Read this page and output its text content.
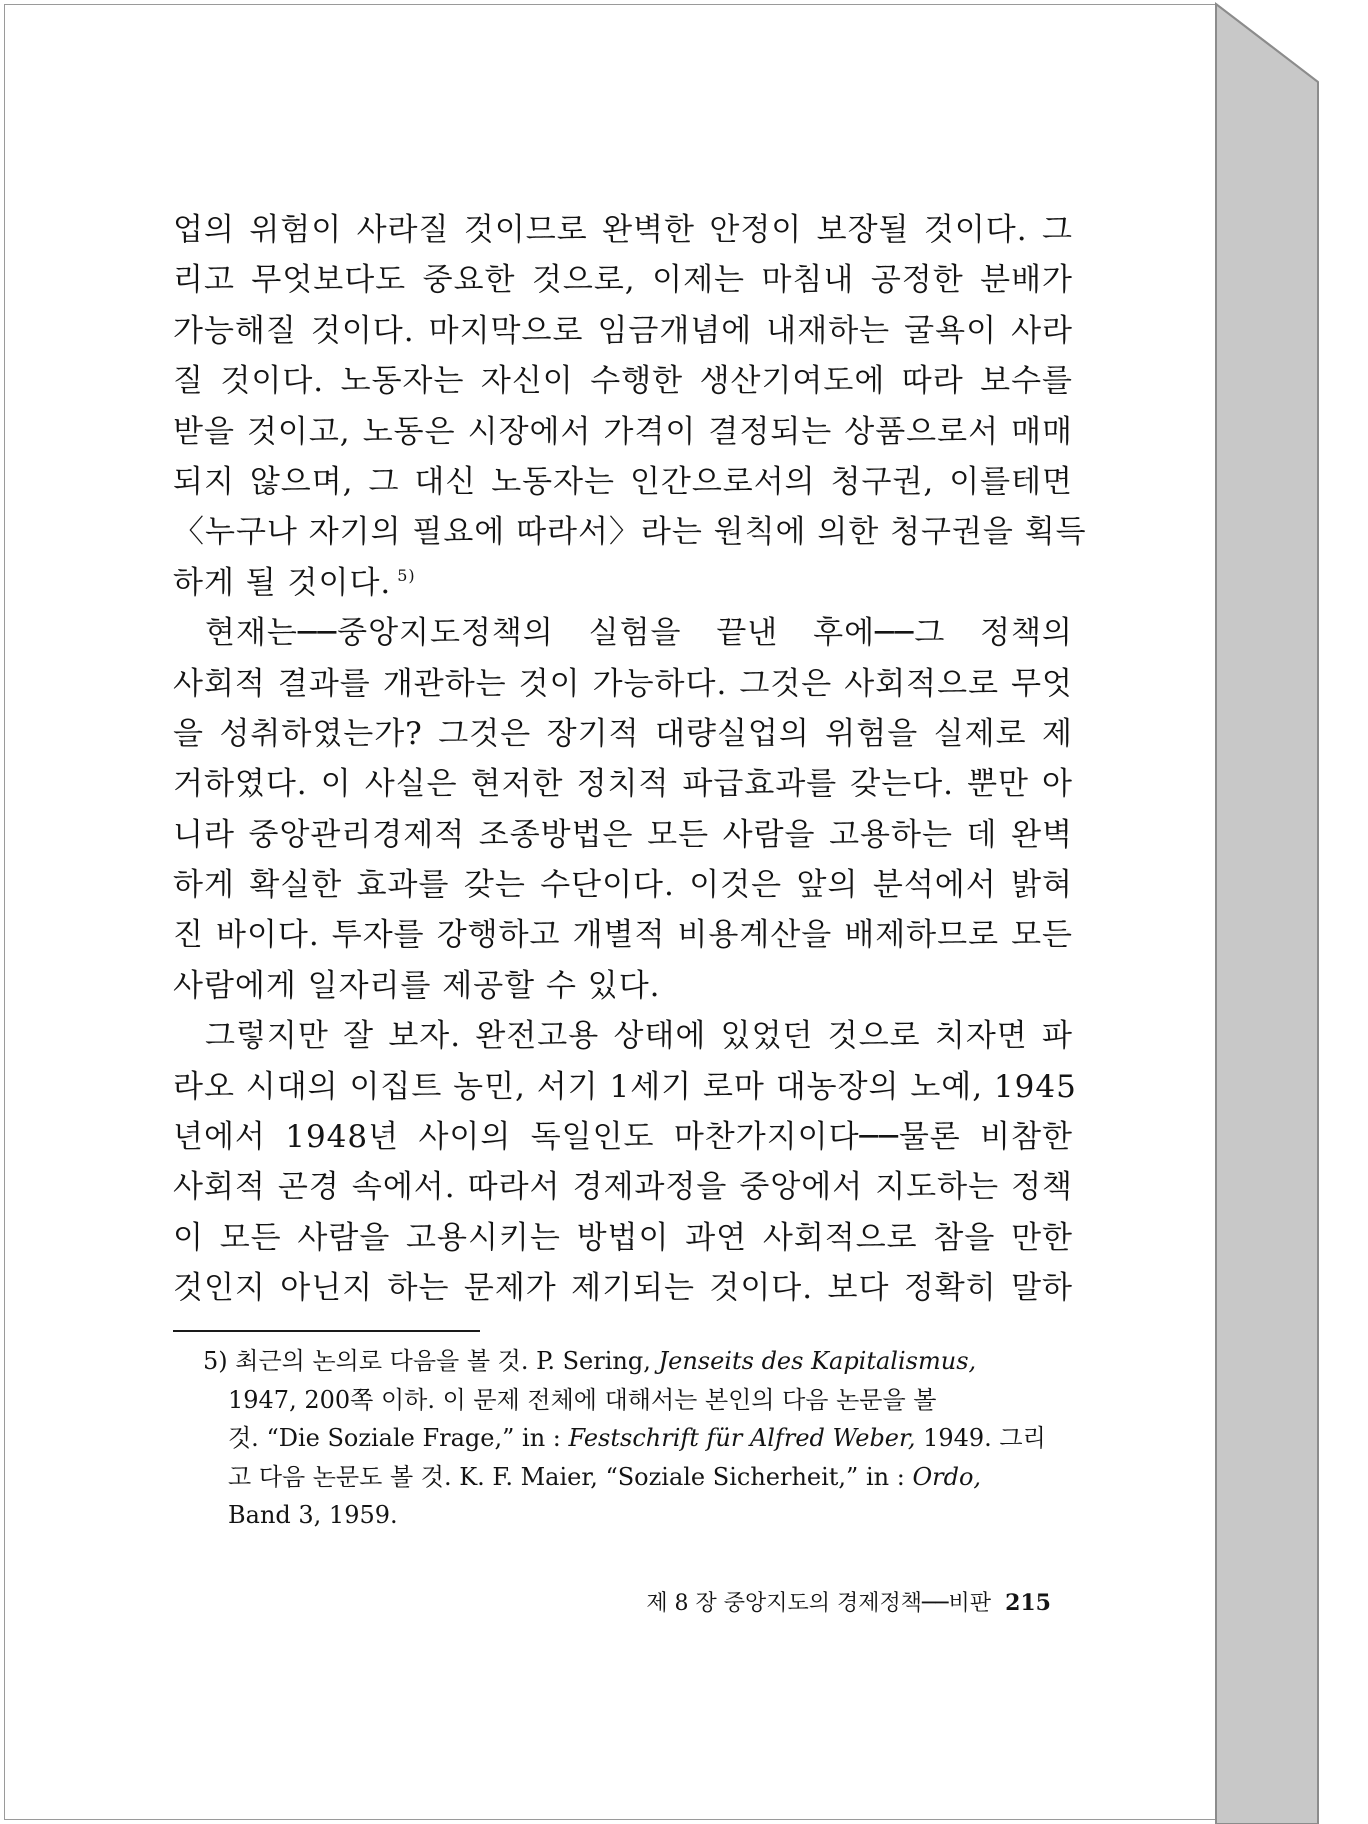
업의 위험이 사라질 것이므로 완벽한 안정이 보장될 것이다. 그
리고 무엇보다도 중요한 것으로, 이제는 마침내 공정한 분배가
가능해질 것이다. 마지막으로 임금개념에 내재하는 굴욕이 사라
질 것이다. 노동자는 자신이 수행한 생산기여도에 따라 보수를
받을 것이고, 노동은 시장에서 가격이 결정되는 상품으로서 매매
되지 않으며, 그 대신 노동자는 인간으로서의 청구권, 이를테면
〈누구나 자기의 필요에 따라서〉라는 원칙에 의한 청구권을 획득
하게 될 것이다. $^{5)}$
현재는──중앙지도정책의 실험을 끝낸 후에──그 정책의
사회적 결과를 개관하는 것이 가능하다. 그것은 사회적으로 무엇
을 성취하였는가? 그것은 장기적 대량실업의 위험을 실제로 제
거하였다. 이 사실은 현저한 정치적 파급효과를 갖는다. 뿐만 아
니라 중앙관리경제적 조종방법은 모든 사람을 고용하는 데 완벽
하게 확실한 효과를 갖는 수단이다. 이것은 앞의 분석에서 밝혀
진 바이다. 투자를 강행하고 개별적 비용계산을 배제하므로 모든
사람에게 일자리를 제공할 수 있다.
그렇지만 잘 보자. 완전고용 상태에 있었던 것으로 치자면 파
라오 시대의 이집트 농민, 서기 1세기 로마 대농장의 노예, 1945
년에서 1948년 사이의 독일인도 마찬가지이다──물론 비참한
사회적 곤경 속에서. 따라서 경제과정을 중앙에서 지도하는 정책
이 모든 사람을 고용시키는 방법이 과연 사회적으로 참을 만한
것인지 아닌지 하는 문제가 제기되는 것이다. 보다 정확히 말하
5) 최근의 논의로 다음을 볼 것. P. Sering, Jenseits des Kapitalismus,
1947, 200쪽 이하. 이 문제 전체에 대해서는 본인의 다음 논문을 볼
것. “Die Soziale Frage,” in : Festschrift für Alfred Weber, 1949. 그리
고 다음 논문도 볼 것. K. F. Maier, “Soziale Sicherheit,” in : Ordo,
Band 3, 1959.
제 8 장 중앙지도의 경제정책──비판 215
